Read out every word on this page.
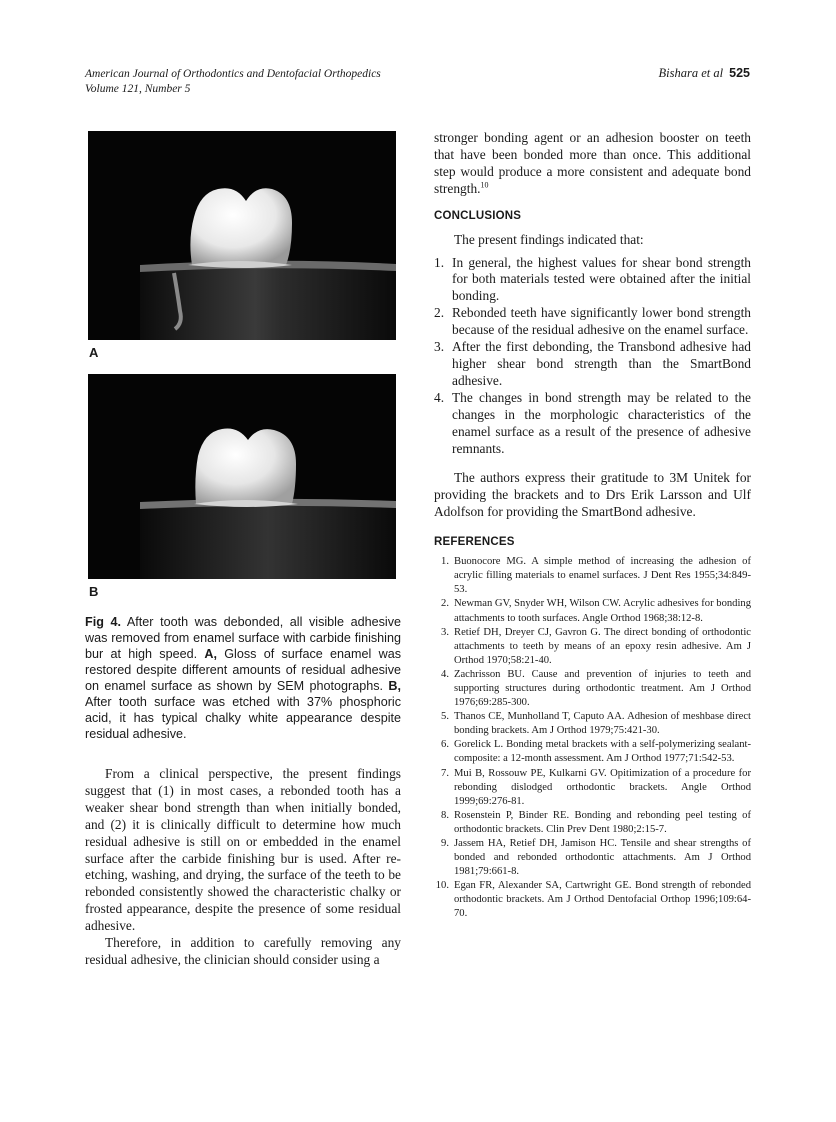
American Journal of Orthodontics and Dentofacial Orthopedics
Volume 121, Number 5
Bishara et al 525
A
B
Fig 4. After tooth was debonded, all visible adhesive was removed from enamel surface with carbide finishing bur at high speed. A, Gloss of surface enamel was restored despite different amounts of residual adhesive on enamel surface as shown by SEM photographs. B, After tooth surface was etched with 37% phosphoric acid, it has typical chalky white appearance despite residual adhesive.

From a clinical perspective, the present findings suggest that (1) in most cases, a rebonded tooth has a weaker shear bond strength than when initially bonded, and (2) it is clinically difficult to determine how much residual adhesive is still on or embedded in the enamel surface after the carbide finishing bur is used. After re-etching, washing, and drying, the surface of the teeth to be rebonded consistently showed the characteristic chalky or frosted appearance, despite the presence of some residual adhesive.

Therefore, in addition to carefully removing any residual adhesive, the clinician should consider using a

stronger bonding agent or an adhesion booster on teeth that have been bonded more than once. This additional step would produce a more consistent and adequate bond strength.$^{10}$

CONCLUSIONS

The present findings indicated that:

1. In general, the highest values for shear bond strength for both materials tested were obtained after the initial bonding.
2. Rebonded teeth have significantly lower bond strength because of the residual adhesive on the enamel surface.
3. After the first debonding, the Transbond adhesive had higher shear bond strength than the SmartBond adhesive.
4. The changes in bond strength may be related to the changes in the morphologic characteristics of the enamel surface as a result of the presence of adhesive remnants.

The authors express their gratitude to 3M Unitek for providing the brackets and to Drs Erik Larsson and Ulf Adolfson for providing the SmartBond adhesive.

REFERENCES
1. Buonocore MG. A simple method of increasing the adhesion of acrylic filling materials to enamel surfaces. J Dent Res 1955;34:849-53.
2. Newman GV, Snyder WH, Wilson CW. Acrylic adhesives for bonding attachments to tooth surfaces. Angle Orthod 1968;38:12-8.
3. Retief DH, Dreyer CJ, Gavron G. The direct bonding of orthodontic attachments to teeth by means of an epoxy resin adhesive. Am J Orthod 1970;58:21-40.
4. Zachrisson BU. Cause and prevention of injuries to teeth and supporting structures during orthodontic treatment. Am J Orthod 1976;69:285-300.
5. Thanos CE, Munholland T, Caputo AA. Adhesion of meshbase direct bonding brackets. Am J Orthod 1979;75:421-30.
6. Gorelick L. Bonding metal brackets with a self-polymerizing sealant-composite: a 12-month assessment. Am J Orthod 1977;71:542-53.
7. Mui B, Rossouw PE, Kulkarni GV. Opitimization of a procedure for rebonding dislodged orthodontic brackets. Angle Orthod 1999;69:276-81.
8. Rosenstein P, Binder RE. Bonding and rebonding peel testing of orthodontic brackets. Clin Prev Dent 1980;2:15-7.
9. Jassem HA, Retief DH, Jamison HC. Tensile and shear strengths of bonded and rebonded orthodontic attachments. Am J Orthod 1981;79:661-8.
10. Egan FR, Alexander SA, Cartwright GE. Bond strength of rebonded orthodontic brackets. Am J Orthod Dentofacial Orthop 1996;109:64-70.
